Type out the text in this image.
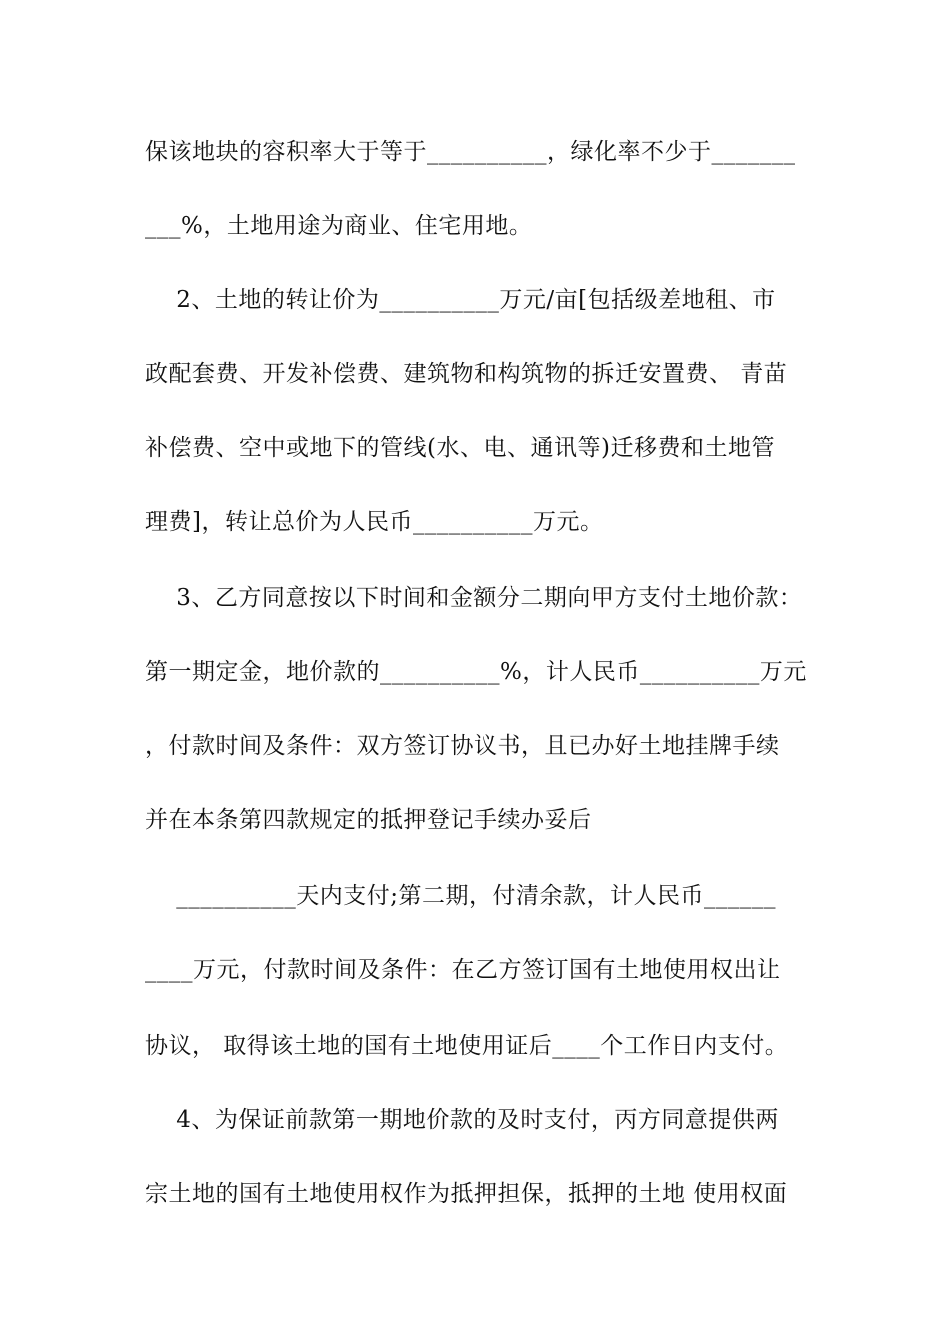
保该地块的容积率大于等于__________，绿化率不少于_______
___%，土地用途为商业、住宅用地。
2、土地的转让价为__________万元/亩[包括级差地租、市
政配套费、开发补偿费、建筑物和构筑物的拆迁安置费、 青苗
补偿费、空中或地下的管线(水、电、通讯等)迁移费和土地管
理费]，转让总价为人民币__________万元。
3、乙方同意按以下时间和金额分二期向甲方支付土地价款：
第一期定金，地价款的__________%，计人民币__________万元
，付款时间及条件：双方签订协议书，且已办好土地挂牌手续
并在本条第四款规定的抵押登记手续办妥后
__________天内支付;第二期，付清余款，计人民币______
____万元，付款时间及条件：在乙方签订国有土地使用权出让
协议， 取得该土地的国有土地使用证后____个工作日内支付。
4、为保证前款第一期地价款的及时支付，丙方同意提供两
宗土地的国有土地使用权作为抵押担保，抵押的土地 使用权面
